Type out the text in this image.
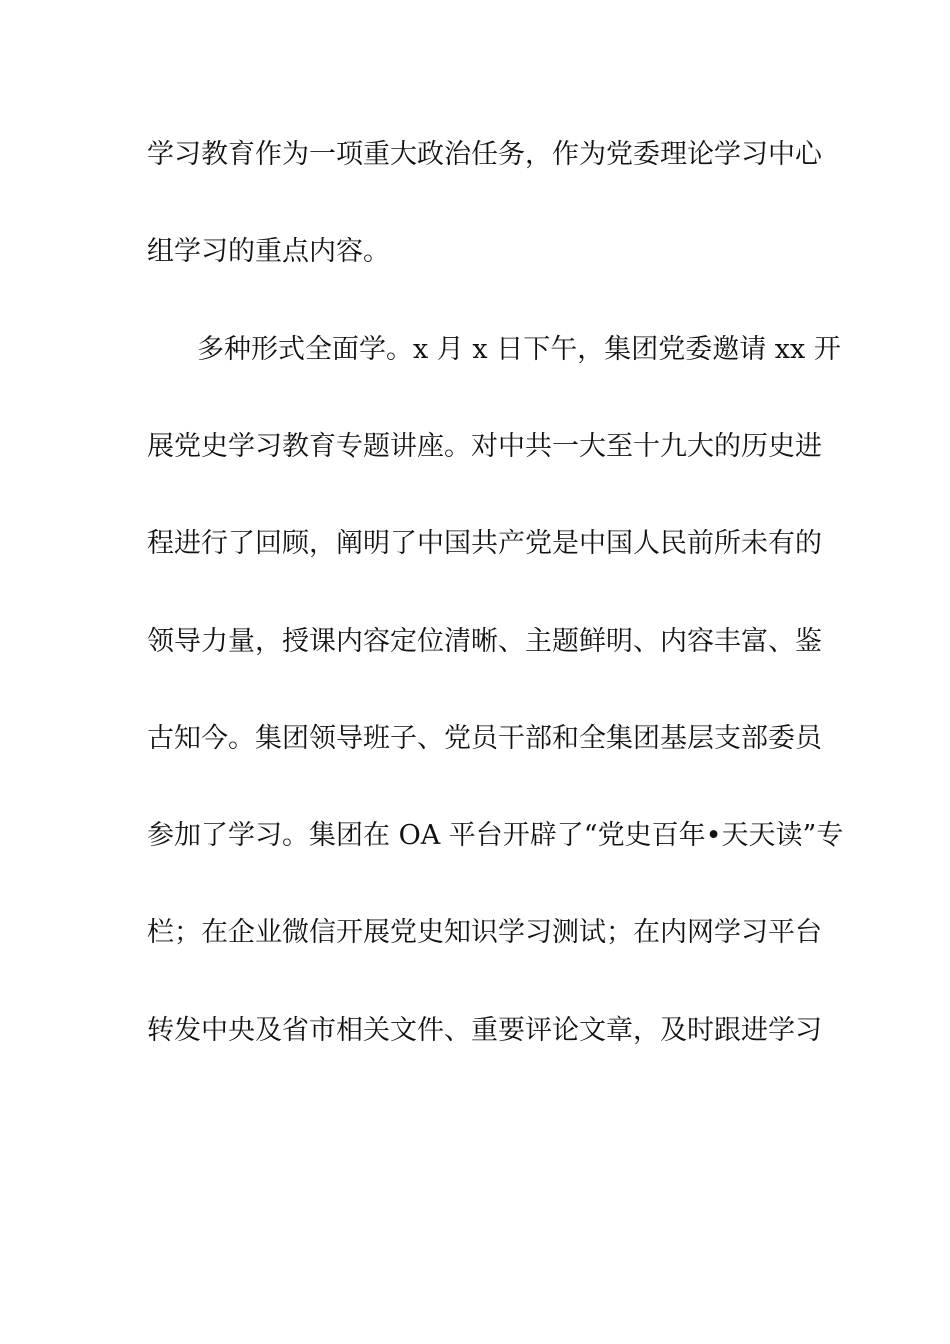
学习教育作为一项重大政治任务，作为党委理论学习中心
组学习的重点内容。
多种形式全面学。x 月 x 日下午，集团党委邀请 xx 开
展党史学习教育专题讲座。对中共一大至十九大的历史进
程进行了回顾，阐明了中国共产党是中国人民前所未有的
领导力量，授课内容定位清晰、主题鲜明、内容丰富、鉴
古知今。集团领导班子、党员干部和全集团基层支部委员
参加了学习。集团在 OA 平台开辟了“党史百年•天天读”专
栏；在企业微信开展党史知识学习测试；在内网学习平台
转发中央及省市相关文件、重要评论文章，及时跟进学习
